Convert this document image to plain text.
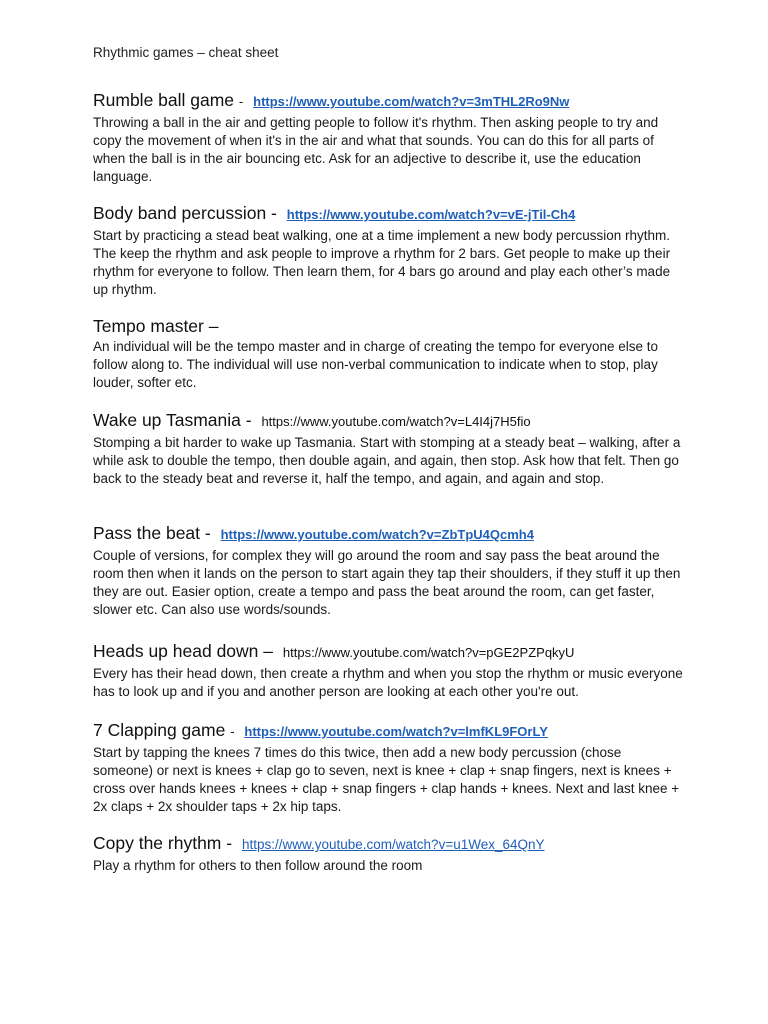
Rhythmic games – cheat sheet
Rumble ball game - https://www.youtube.com/watch?v=3mTHL2Ro9Nw
Throwing a ball in the air and getting people to follow it's rhythm. Then asking people to try and copy the movement of when it's in the air and what that sounds. You can do this for all parts of when the ball is in the air bouncing etc. Ask for an adjective to describe it, use the education language.
Body band percussion - https://www.youtube.com/watch?v=vE-jTil-Ch4
Start by practicing a stead beat walking, one at a time implement a new body percussion rhythm. The keep the rhythm and ask people to improve a rhythm for 2 bars. Get people to make up their rhythm for everyone to follow. Then learn them, for 4 bars go around and play each other’s made up rhythm.
Tempo master –
An individual will be the tempo master and in charge of creating the tempo for everyone else to follow along to. The individual will use non-verbal communication to indicate when to stop, play louder, softer etc.
Wake up Tasmania - https://www.youtube.com/watch?v=L4I4j7H5fio
Stomping a bit harder to wake up Tasmania. Start with stomping at a steady beat – walking, after a while ask to double the tempo, then double again, and again, then stop. Ask how that felt. Then go back to the steady beat and reverse it, half the tempo, and again, and again and stop.
Pass the beat - https://www.youtube.com/watch?v=ZbTpU4Qcmh4
Couple of versions, for complex they will go around the room and say pass the beat around the room then when it lands on the person to start again they tap their shoulders, if they stuff it up then they are out. Easier option, create a tempo and pass the beat around the room, can get faster, slower etc. Can also use words/sounds.
Heads up head down – https://www.youtube.com/watch?v=pGE2PZPqkyU
Every has their head down, then create a rhythm and when you stop the rhythm or music everyone has to look up and if you and another person are looking at each other you're out.
7 Clapping game - https://www.youtube.com/watch?v=lmfKL9FOrLY
Start by tapping the knees 7 times do this twice, then add a new body percussion (chose someone) or next is knees + clap go to seven, next is knee + clap + snap fingers, next is knees + cross over hands knees + knees + clap + snap fingers + clap hands + knees. Next and last knee + 2x claps + 2x shoulder taps + 2x hip taps.
Copy the rhythm - https://www.youtube.com/watch?v=u1Wex_64QnY
Play a rhythm for others to then follow around the room
